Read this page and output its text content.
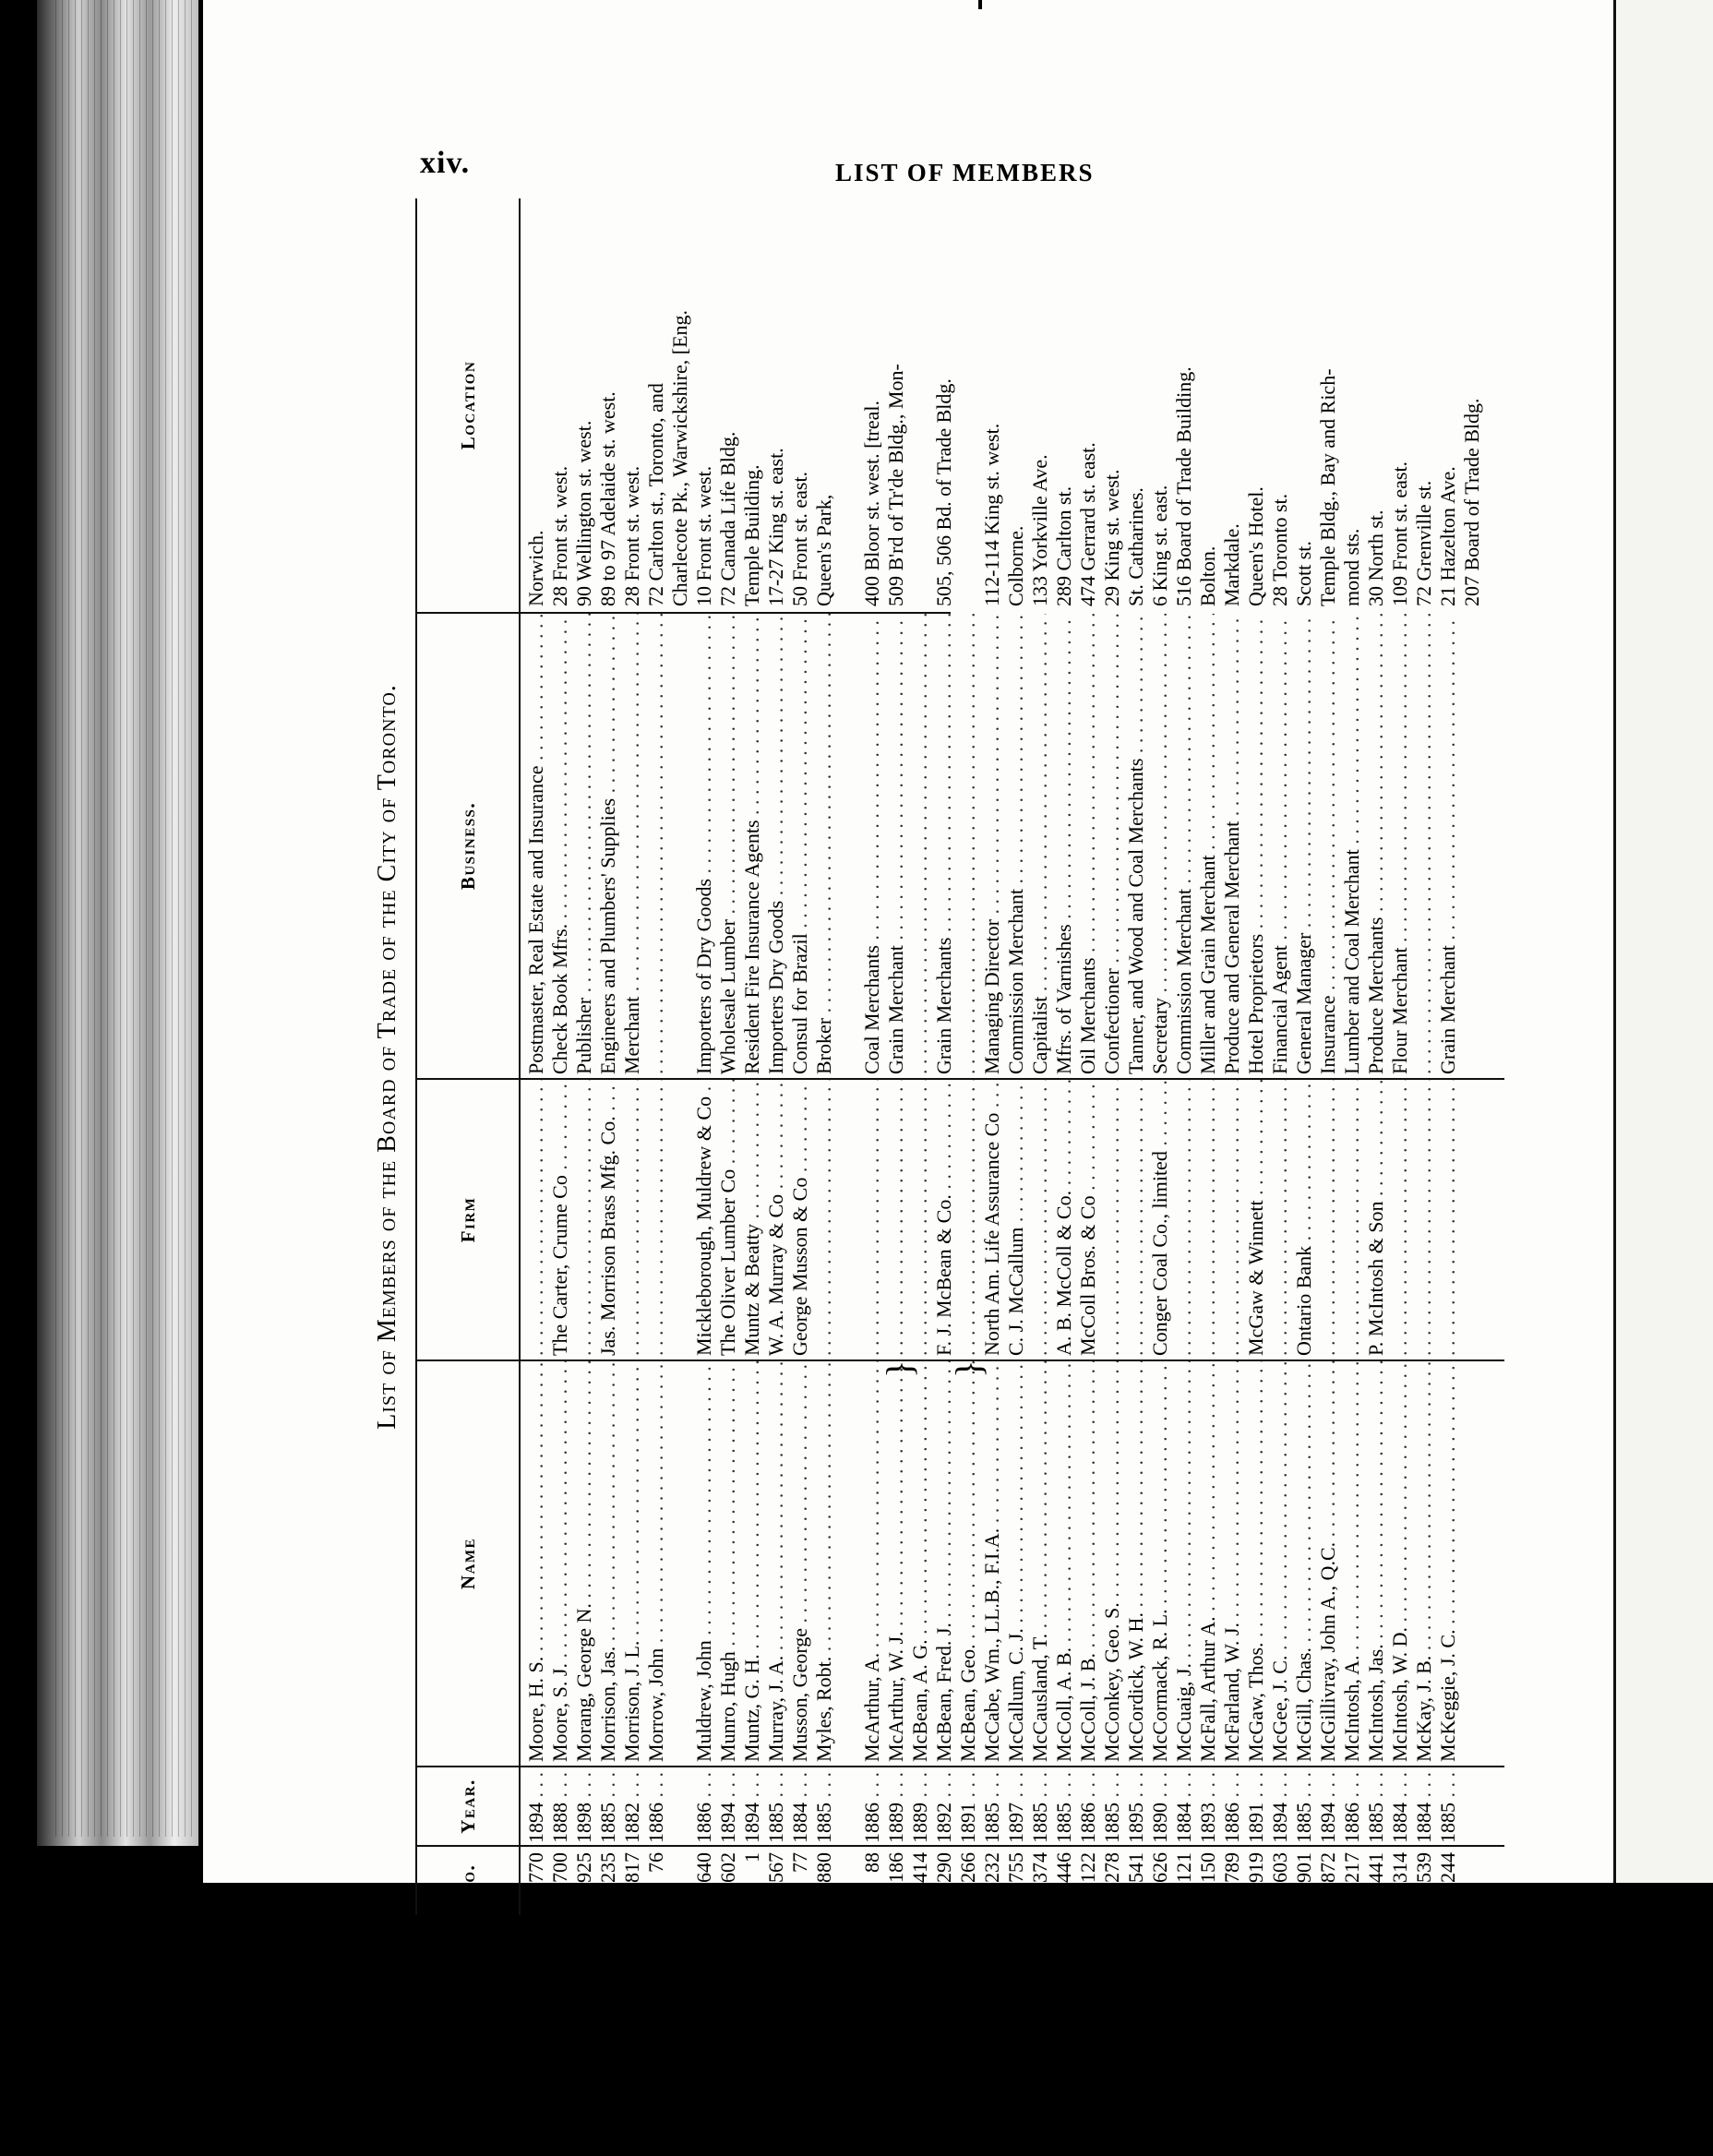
xiv.	LIST OF MEMBERS
List of Members of the Board of Trade of the City of Toronto.
No.
Year.
Name
Firm
Business.
Location
} }
770
1894 . . .
Moore, H. S. . . .
. . .
Postmaster, Real Estate and Insurance . . .
Norwich.
†700
1888 . . .
Moore, S. J. . . .
The Carter, Crume Co . . .
Check Book Mfrs. . . .
28 Front st. west.
925
1898 . . .
Morang, George N. . . .
. . .
Publisher . . .
90 Wellington st. west.
†235
1885 . . .
Morrison, Jas. . . .
Jas. Morrison Brass Mfg. Co. . . .
Engineers and Plumbers' Supplies . . .
89 to 97 Adelaide st. west.
†817
1882 . . .
Morrison, J. L. . . .
. . .
Merchant . . .
28 Front st. west.
76
1886 . . .
Morrow, John . . .
. . .
. . .
72 Carlton st., Toronto, and Charlecote Pk., Warwickshire, [Eng.
†640
1886 . . .
Muldrew, John . . .
Mickleborough, Muldrew & Co . . .
Importers of Dry Goods . . .
10 Front st. west.
602
1894 . . .
Munro, Hugh . . .
The Oliver Lumber Co . . .
Wholesale Lumber . . .
72 Canada Life Bldg.
1
1894 . . .
Muntz, G. H. . . .
Muntz & Beatty . . .
Resident Fire Insurance Agents . . .
Temple Building.
567
1885 . . .
Murray, J. A. . . .
W. A. Murray & Co . . .
Importers Dry Goods . . .
17-27 King st. east.
77
1884 . . .
Musson, George . . .
George Musson & Co . . .
Consul for Brazil . . .
50 Front st. east.
880
1885 . . .
Myles, Robt. . . .
. . .
Broker . . .
Queen's Park,
88
1886 . . .
McArthur, A. . . .
. . .
Coal Merchants . . .
400 Bloor st. west. [treal.
186
1889 . . .
McArthur, W. J. . . .
. . .
Grain Merchant . . .
509 B'rd of Tr'de Bldg., Mon-
414
1889 . . .
McBean, A. G. . . .
. . .
. . .
290
1892 . . .
McBean, Fred. J. . . .
F. J. McBean & Co. . . .
Grain Merchants . . .
505, 506 Bd. of Trade Bldg.
266
1891 . . .
McBean, Geo. . . .
. . .
. . .
232
1885 . . .
McCabe, Wm., LL.B., F.I.A. . . .
North Am. Life Assurance Co . . .
Managing Director . . .
112-114 King st. west.
755
1897 . . .
McCallum, C. J. . . .
C. J. McCallum . . .
Commission Merchant . . .
Colborne.
374
1885 . . .
McCausland, T. . . .
. . .
Capitalist . . .
133 Yorkville Ave.
446
1885 . . .
McColl, A. B. . . .
A. B. McColl & Co. . . .
Mfrs. of Varnishes . . .
289 Carlton st.
122
1886 . . .
McColl, J. B. . . .
McColl Bros. & Co . . .
Oil Merchants . . .
474 Gerrard st. east.
278
1885 . . .
McConkey, Geo. S. . . .
. . .
Confectioner . . .
29 King st. west.
541
1895 . . .
McCordick, W. H. . . .
. . .
Tanner, and Wood and Coal Merchants . . .
St. Catharines.
626
1890 . . .
McCormack, R. L. . . .
Conger Coal Co., limited . . .
Secretary . . .
6 King st. east.
121
1884 . . .
McCuaig, J. . . .
. . .
Commission Merchant . . .
516 Board of Trade Building.
150
1893 . . .
McFall, Arthur A. . . .
. . .
Miller and Grain Merchant . . .
Bolton.
789
1886 . . .
McFarland, W. J. . . .
. . .
Produce and General Merchant . . .
Markdale.
919
1891 . . .
McGaw, Thos. . . .
McGaw & Winnett . . .
Hotel Proprietors . . .
Queen's Hotel.
603
1894 . . .
McGee, J. C. . . .
. . .
Financial Agent . . .
28 Toronto st.
901
1885 . . .
McGill, Chas. . . .
Ontario Bank . . .
General Manager . . .
Scott st.
872
1894 . . .
McGillivray, John A., Q.C. . . .
. . .
Insurance . . .
Temple Bldg., Bay and Rich-
217
1886 . . .
McIntosh, A. . . .
. . .
Lumber and Coal Merchant . . .
mond sts.
441
1885 . . .
McIntosh, Jas. . . .
P. McIntosh & Son . . .
Produce Merchants . . .
30 North st.
314
1884 . . .
McIntosh, W. D. . . .
. . .
Flour Merchant . . .
109 Front st. east.
539
1884 . . .
McKay, J. B. . . .
. . .
. . .
72 Grenville st.
244
1885 . . .
McKeggie, J. C. . . .
. . .
Grain Merchant . . .
21 Hazelton Ave. 207 Board of Trade Bldg.
